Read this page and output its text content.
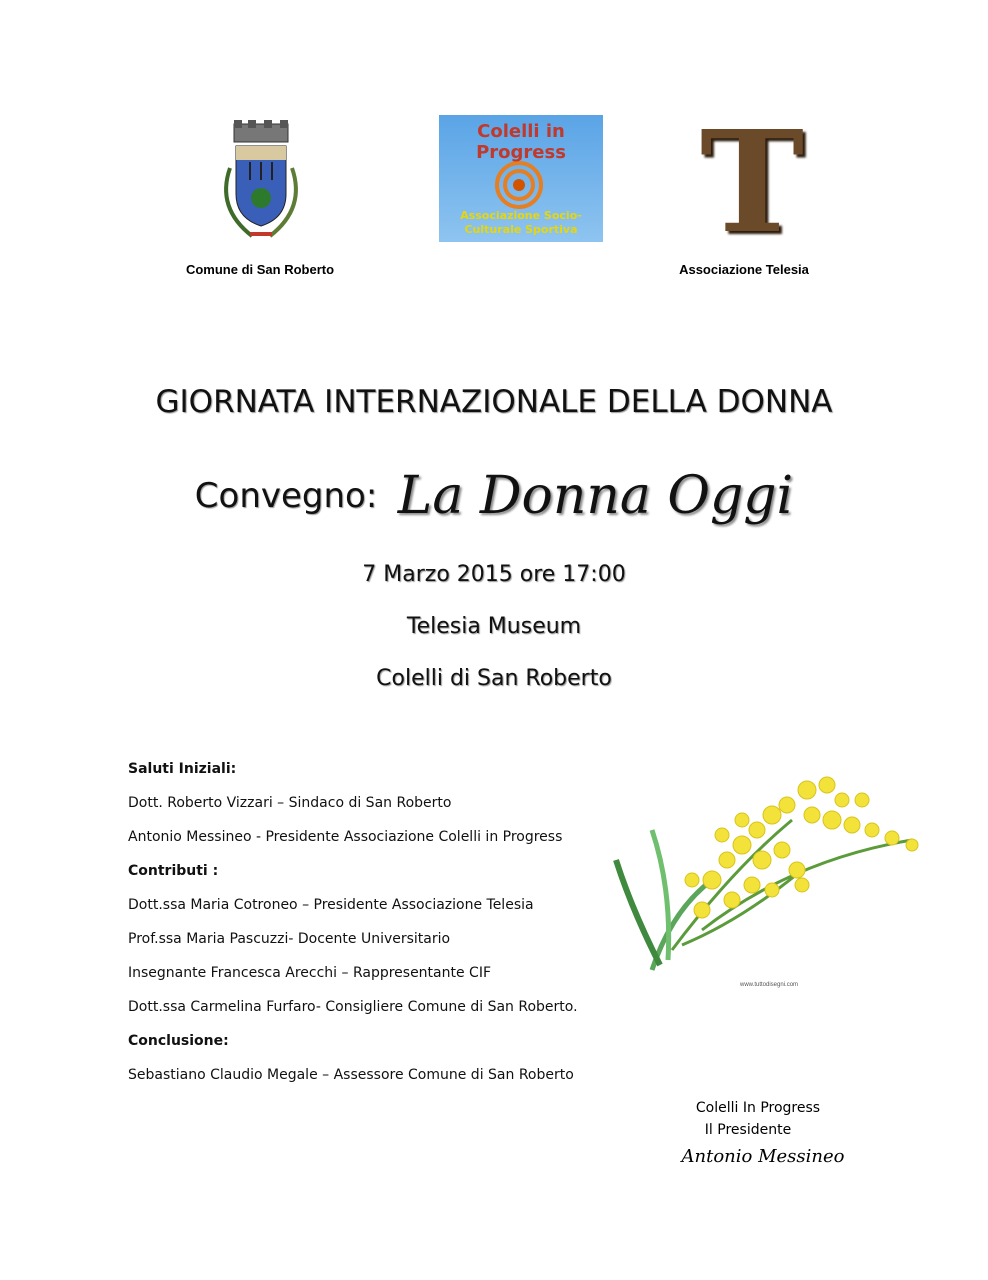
Colelli in Progress
Associazione Socio-Culturale Sportiva T
Comune di San Roberto	Associazione Telesia
GIORNATA INTERNAZIONALE DELLA DONNA
Convegno: La Donna Oggi
7 Marzo 2015 ore 17:00
Telesia Museum
Colelli di San Roberto
Saluti Iniziali:
Dott. Roberto Vizzari – Sindaco di San Roberto
Antonio Messineo - Presidente Associazione Colelli in Progress
Contributi :
Dott.ssa Maria Cotroneo – Presidente Associazione Telesia
Prof.ssa Maria Pascuzzi- Docente Universitario
Insegnante Francesca Arecchi – Rappresentante CIF
Dott.ssa Carmelina Furfaro- Consigliere Comune di San Roberto.
Conclusione:
Sebastiano Claudio Megale – Assessore Comune di San Roberto
www.tuttodisegni.com
Colelli In Progress
Il Presidente
Antonio Messineo
